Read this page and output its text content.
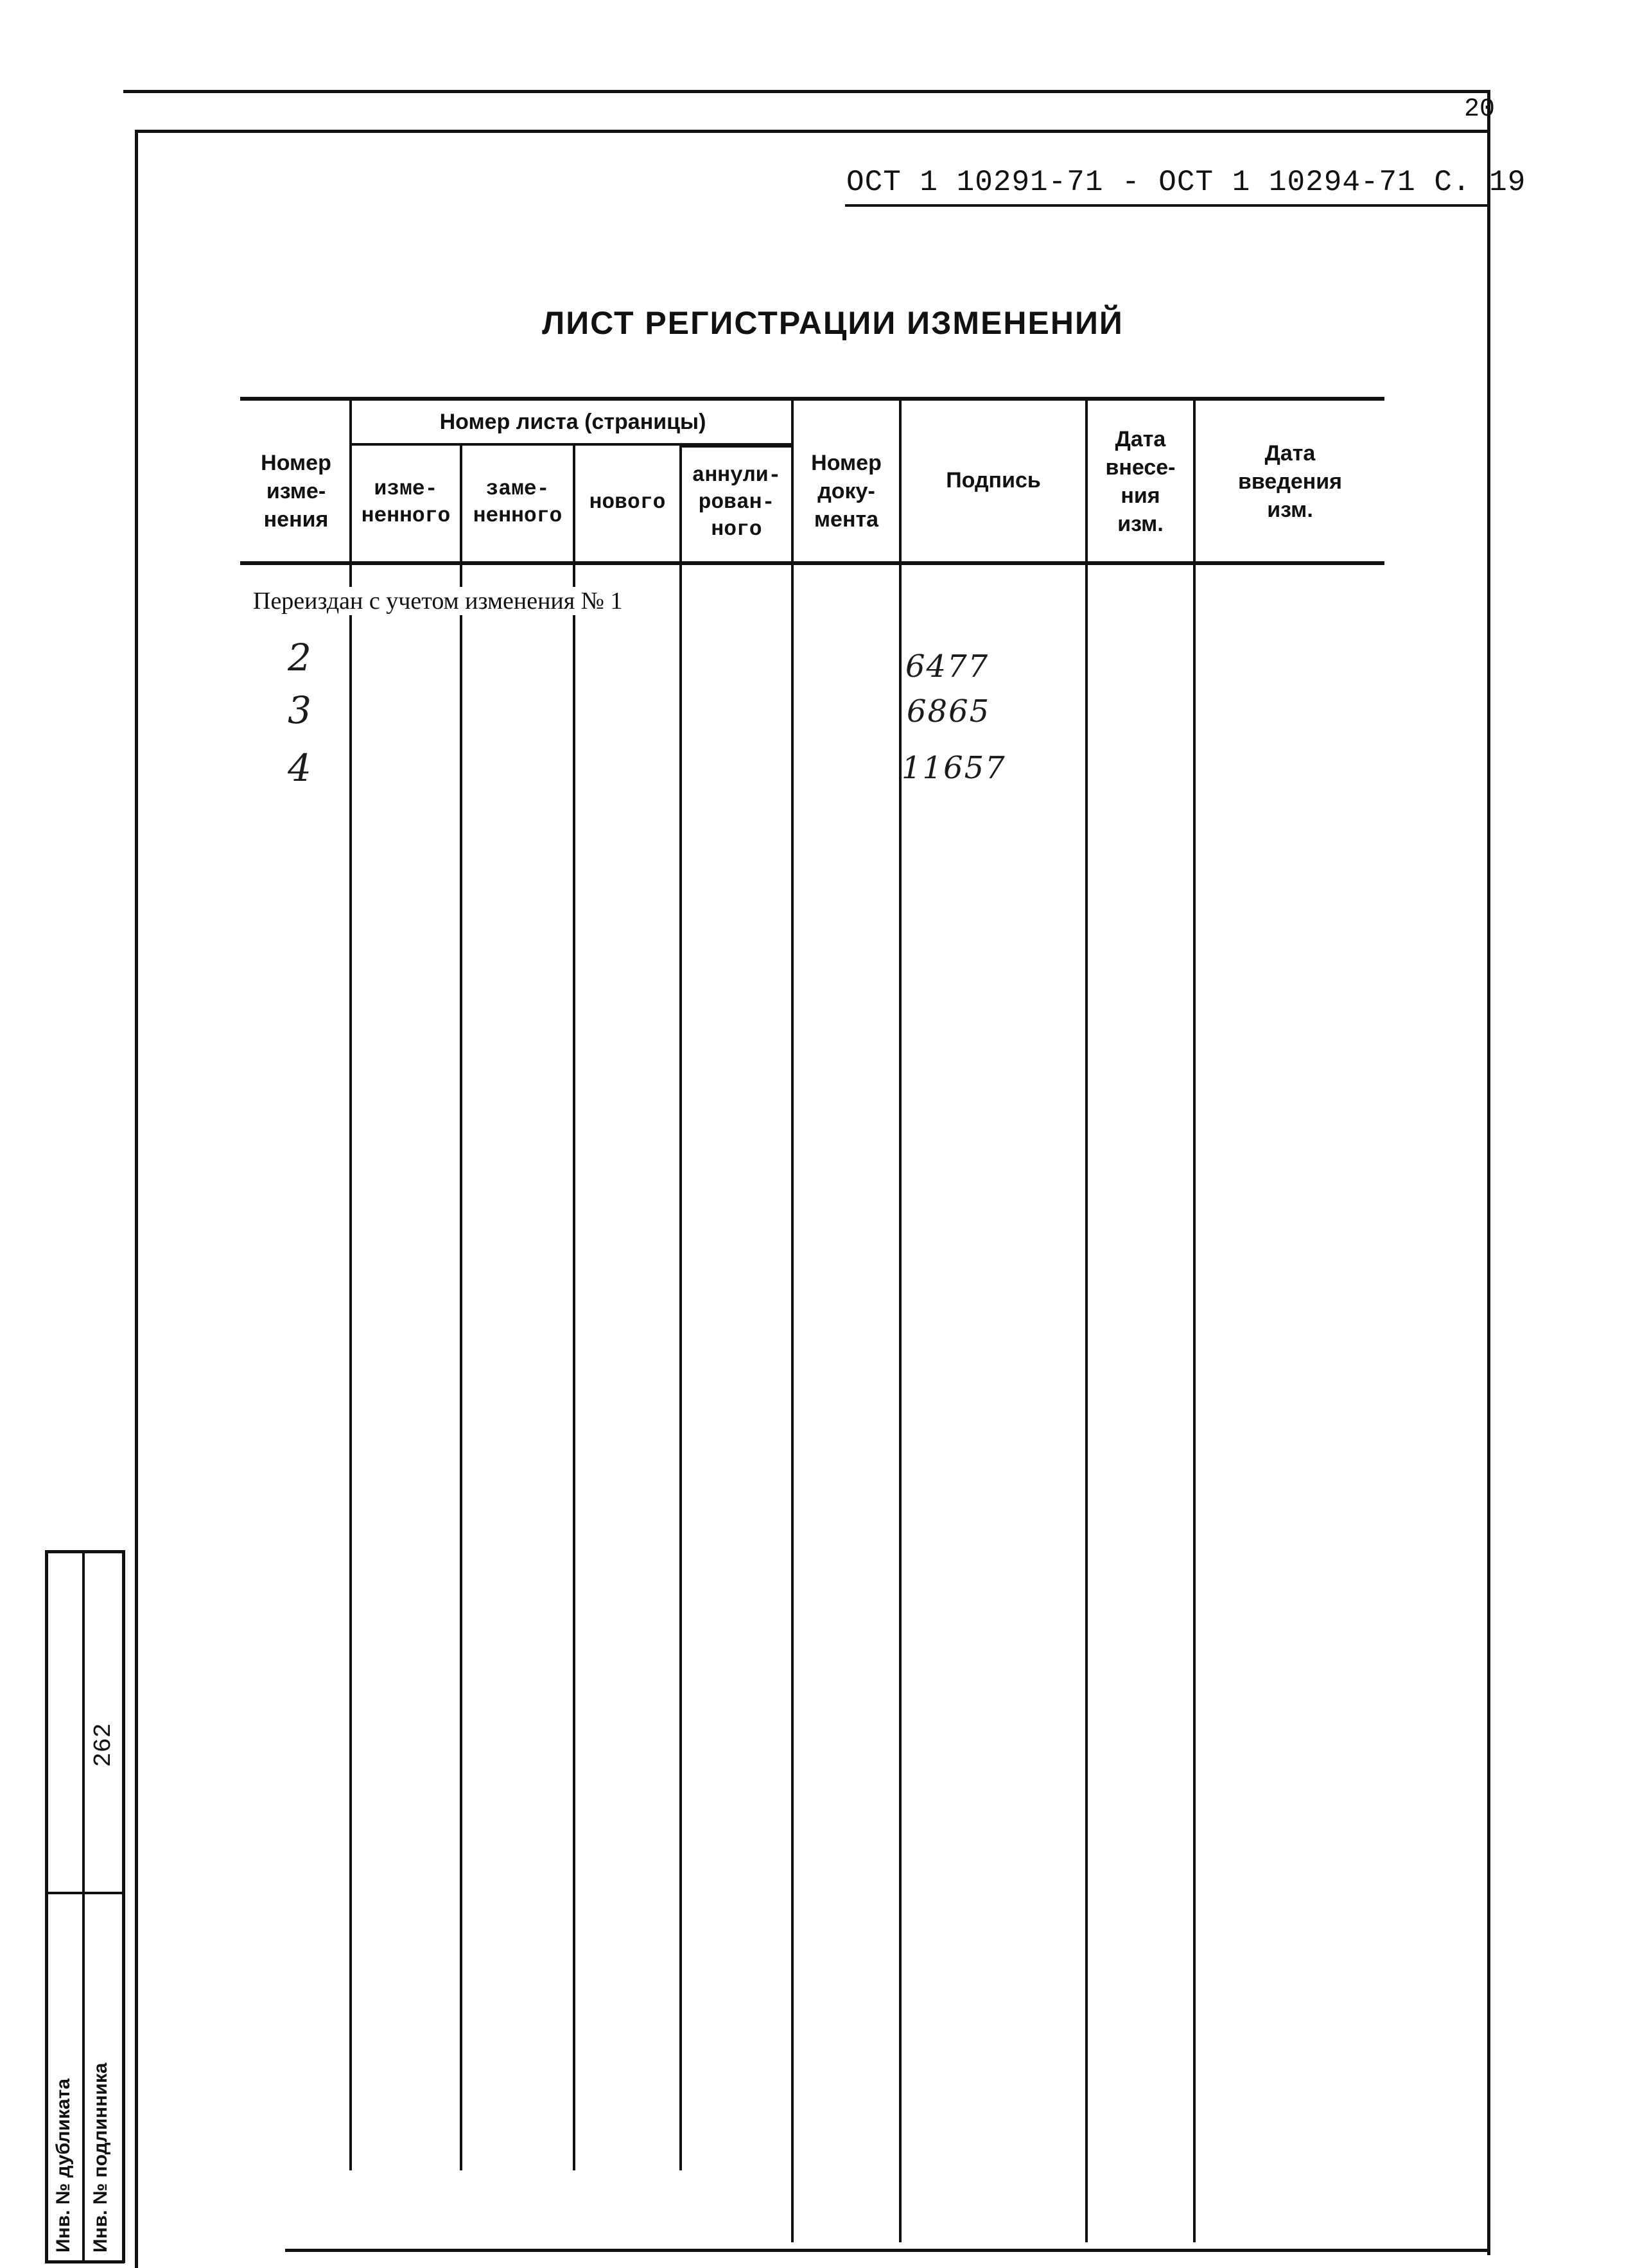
20
ОСТ 1 10291-71 - ОСТ 1 10294-71 С. 19
ЛИСТ РЕГИСТРАЦИИ ИЗМЕНЕНИЙ
Номер
изме-
нения
Номер листа (страницы)
изме-
ненного
заме-
ненного
нового
аннули-
рован-
ного
Номер
доку-
мента
Подпись
Дата
внесе-
ния
изм.
Дата
введения
изм.
Переиздан с учетом изменения № 1
2
3
4
6477
6865
11657
Инв. № дубликата Инв. № подлинника
262
